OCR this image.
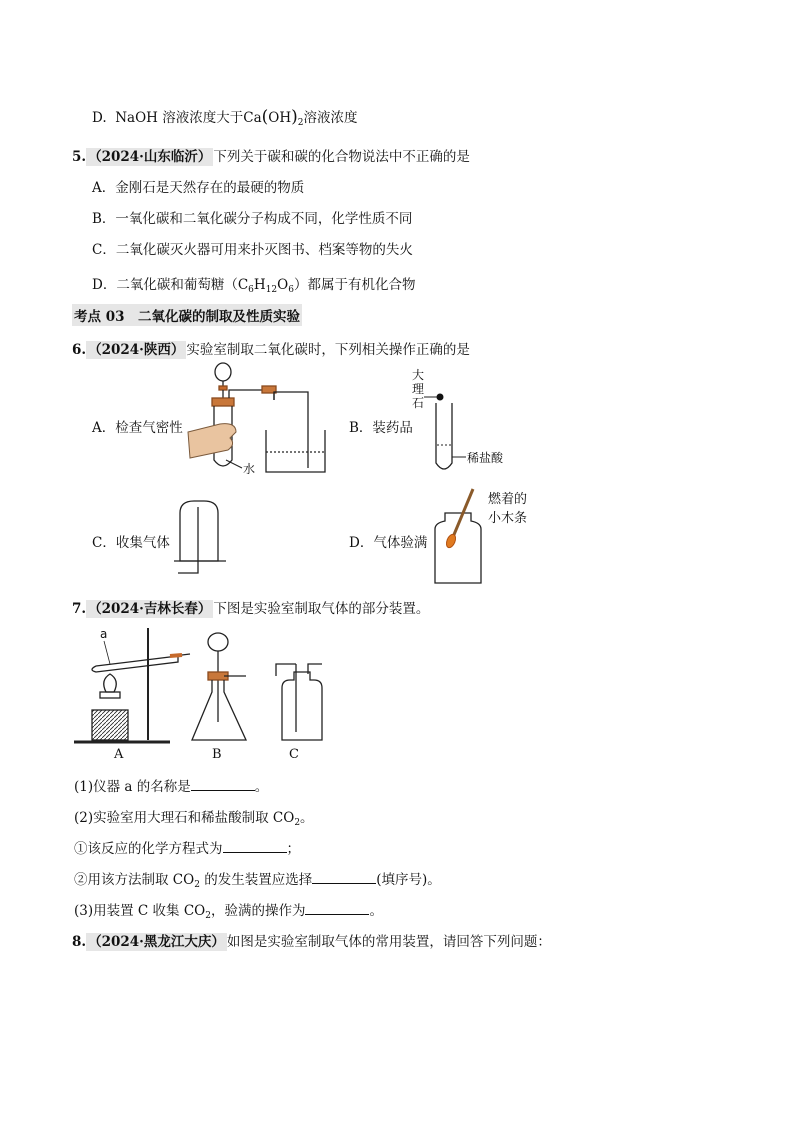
D. NaOH 溶液浓度大于$Ca(OH)_2$溶液浓度
5. （2024·山东临沂） 下列关于碳和碳的化合物说法中不正确的是
A．金刚石是天然存在的最硬的物质
B．一氧化碳和二氧化碳分子构成不同，化学性质不同
C．二氧化碳灭火器可用来扑灭图书、档案等物的失火
D．二氧化碳和葡萄糖$(C_6H_{12}O_6)$都属于有机化合物
考点 03　二氧化碳的制取及性质实验
6. （2024·陕西） 实验室制取二氧化碳时，下列相关操作正确的是
A．检查气密性	B．装药品
C．收集气体	D．气体验满
水
大
理
石
稀盐酸
燃着的
小木条
7. （2024·吉林长春） 下图是实验室制取气体的部分装置。
a
A	B	C
(1)仪器 a 的名称是	。
(2)实验室用大理石和稀盐酸制取 $CO_2$。
①该反应的化学方程式为	；
②用该方法制取 $CO_2$ 的发生装置应选择	(填序号)。
(3)用装置 C 收集 $CO_2$，验满的操作为	。
8. （2024·黑龙江大庆） 如图是实验室制取气体的常用装置，请回答下列问题：
